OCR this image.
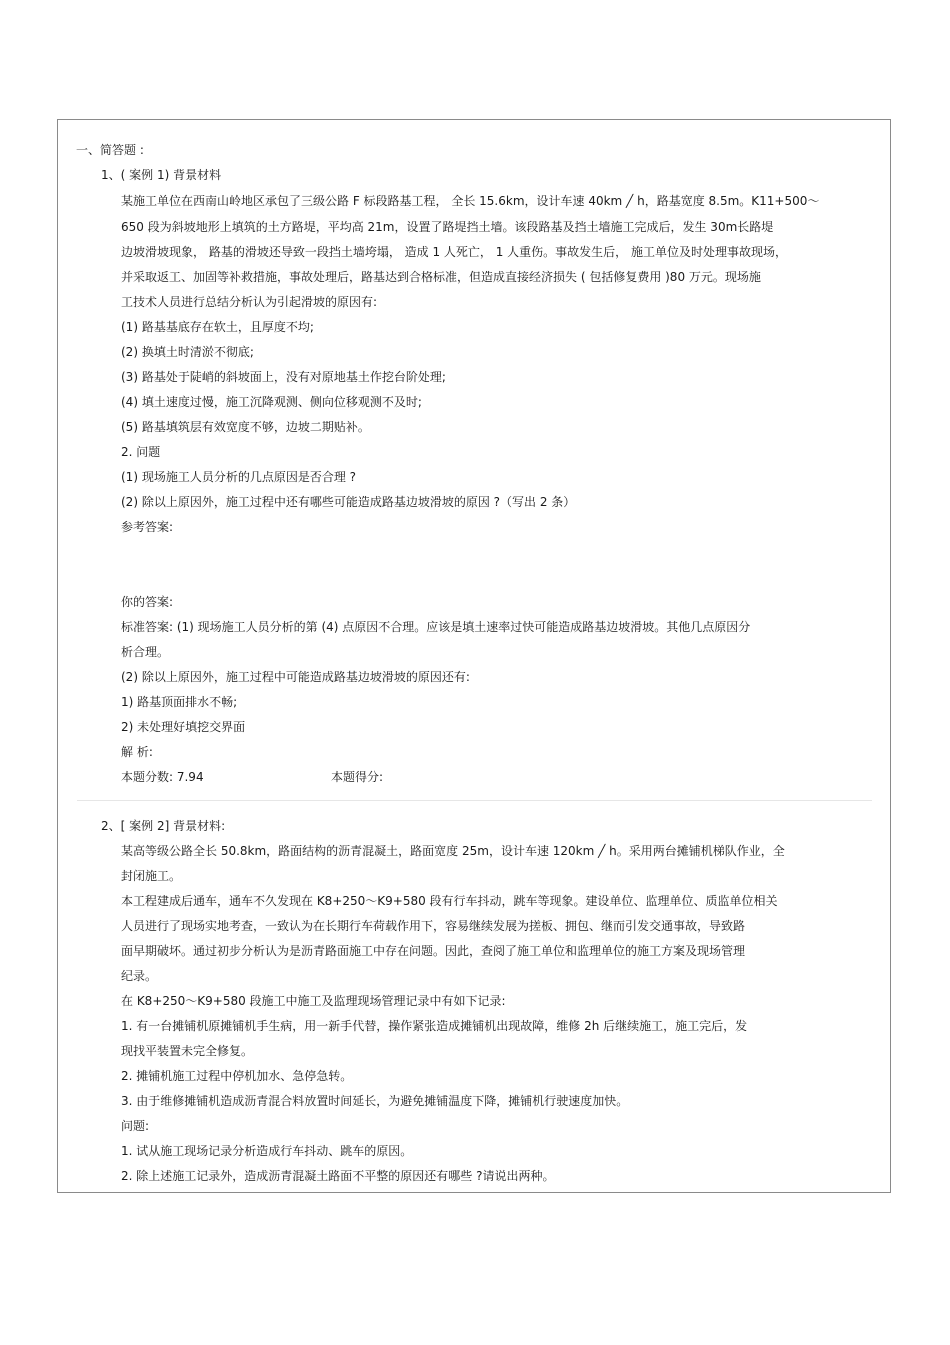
一、简答题 :
1、( 案例 1) 背景材料
某施工单位在西南山岭地区承包了三级公路 F 标段路基工程， 全长 15.6km，设计车速 40km ╱ h，路基宽度 8.5m。K11+500～
650 段为斜坡地形上填筑的土方路堤，平均高 21m，设置了路堤挡土墙。该段路基及挡土墙施工完成后，发生 30m长路堤
边坡滑坡现象， 路基的滑坡还导致一段挡土墙垮塌， 造成 1 人死亡， 1 人重伤。事故发生后， 施工单位及时处理事故现场，
并采取返工、加固等补救措施，事故处理后，路基达到合格标准，但造成直接经济损失 ( 包括修复费用 )80 万元。现场施
工技术人员进行总结分析认为引起滑坡的原因有:
(1) 路基基底存在软土，且厚度不均;
(2) 换填土时清淤不彻底;
(3) 路基处于陡峭的斜坡面上，没有对原地基土作挖台阶处理;
(4) 填土速度过慢，施工沉降观测、侧向位移观测不及时;
(5) 路基填筑层有效宽度不够，边坡二期贴补。
2. 问题
(1) 现场施工人员分析的几点原因是否合理 ?
(2) 除以上原因外，施工过程中还有哪些可能造成路基边坡滑坡的原因 ?（写出 2 条）
参考答案:
你的答案:
标准答案: (1) 现场施工人员分析的第 (4) 点原因不合理。应该是填土速率过快可能造成路基边坡滑坡。其他几点原因分
析合理。
(2) 除以上原因外，施工过程中可能造成路基边坡滑坡的原因还有:
1) 路基顶面排水不畅;
2) 未处理好填挖交界面
解 析:
本题分数: 7.94	本题得分:
2、[ 案例 2] 背景材料:
某高等级公路全长 50.8km，路面结构的沥青混凝土，路面宽度 25m，设计车速 120km ╱ h。采用两台摊铺机梯队作业，全
封闭施工。
本工程建成后通车，通车不久发现在 K8+250～K9+580 段有行车抖动，跳车等现象。建设单位、监理单位、质监单位相关
人员进行了现场实地考查，一致认为在长期行车荷载作用下，容易继续发展为搓板、拥包、继而引发交通事故，导致路
面早期破坏。通过初步分析认为是沥青路面施工中存在问题。因此，查阅了施工单位和监理单位的施工方案及现场管理
纪录。
在 K8+250～K9+580 段施工中施工及监理现场管理记录中有如下记录:
1. 有一台摊铺机原摊铺机手生病，用一新手代替，操作紧张造成摊铺机出现故障，维修 2h 后继续施工，施工完后，发
现找平装置未完全修复。
2. 摊铺机施工过程中停机加水、急停急转。
3. 由于维修摊铺机造成沥青混合料放置时间延长，为避免摊铺温度下降，摊铺机行驶速度加快。
问题:
1. 试从施工现场记录分析造成行车抖动、跳车的原因。
2. 除上述施工记录外，造成沥青混凝土路面不平整的原因还有哪些 ?请说出两种。
